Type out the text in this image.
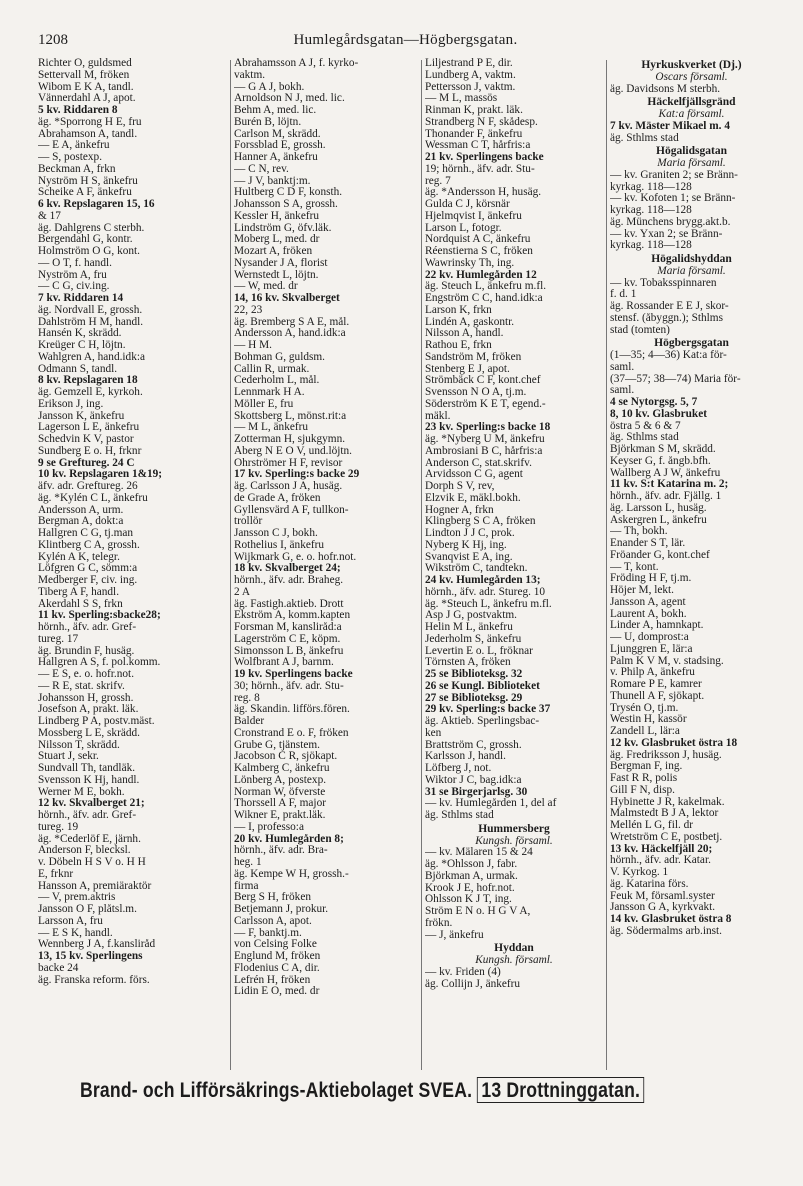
1208	Humlegårdsgatan—Högbergsgatan.
Richter O, guldsmed
Settervall M, fröken
Wibom E K A, tandl.
Vännerdahl A J, apot.
5 kv. Riddaren 8
äg. *Sporrong H E, fru
Abrahamson A, tandl.
— E A, änkefru
— S, postexp.
Beckman A, frkn
Nyström H S, änkefru
Scheike A F, änkefru
6 kv. Repslagaren 15, 16
& 17
äg. Dahlgrens C sterbh.
Bergendahl G, kontr.
Holmström O G, kont.
— O T, f. handl.
Nyström A, fru
— C G, civ.ing.
7 kv. Riddaren 14
äg. Nordvall E, grossh.
Dahlström H M, handl.
Hansén K, skrädd.
Kreüger C H, löjtn.
Wahlgren A, hand.idk:a
Ödmann S, tandl.
8 kv. Repslagaren 18
äg. Gemzell E, kyrkoh.
Erikson J, ing.
Jansson K, änkefru
Lagerson L E, änkefru
Schedvin K V, pastor
Sundberg E o. H, frknr
9 se Greftureg. 24 C
10 kv. Repslagaren 1&19;
äfv. adr. Greftureg. 26
äg. *Kylén C L, änkefru
Andersson A, urm.
Bergman A, dokt:a
Hallgren C G, tj.man
Klintberg C A, grossh.
Kylén A K, telegr.
Löfgren G C, sömm:a
Medberger F, civ. ing.
Tiberg A F, handl.
Åkerdahl S S, frkn
11 kv. Sperling:sbacke28;
hörnh., äfv. adr. Gref-
tureg. 17
äg. Brundin F, husäg.
Hallgren A S, f. pol.komm.
— E S, e. o. hofr.not.
— R E, stat. skrifv.
Johansson H, grossh.
Josefson A, prakt. läk.
Lindberg P A, postv.mäst.
Mossberg L E, skrädd.
Nilsson T, skrädd.
Stuart J, sekr.
Sundvall Th, tandläk.
Svensson K Hj, handl.
Werner M E, bokh.
12 kv. Skvalberget 21;
hörnh., äfv. adr. Gref-
tureg. 19
äg. *Cederlöf E, järnh.
Anderson F, blecksl.
v. Döbeln H S V o. H H
E, frknr
Hansson A, premiäraktör
— V, prem.aktris
Jansson O F, plåtsl.m.
Larsson A, fru
— E S K, handl.
Wennberg J A, f.kansliråd
13, 15 kv. Sperlingens
backe 24
äg. Franska reform. förs.
Abrahamsson A J, f. kyrko-
vaktm.
— G A J, bokh.
Arnoldson N J, med. lic.
Behm A, med. lic.
Burén B, löjtn.
Carlson M, skrädd.
Forssblad E, grossh.
Hanner A, änkefru
— C N, rev.
— J V, banktj:m.
Hultberg C D F, konsth.
Johansson S A, grossh.
Kessler H, änkefru
Lindström G, öfv.läk.
Moberg L, med. dr
Mozart A, fröken
Nysander J A, florist
Wernstedt L, löjtn.
— W, med. dr
14, 16 kv. Skvalberget
22, 23
äg. Bremberg S A E, mål.
Andersson A, hand.idk:a
— H M.
Bohman G, guldsm.
Callin R, urmak.
Cederholm L, mål.
Lennmark H A.
Möller E, fru
Skottsberg L, mönst.rit:a
— M L, änkefru
Zotterman H, sjukgymn.
Åberg N E O V, und.löjtn.
Öhrströmer H F, revisor
17 kv. Sperling:s backe 29
äg. Carlsson J A, husäg.
de Grade A, fröken
Gyllensvärd A F, tullkon-
trollör
Jansson C J, bokh.
Rothelius I, änkefru
Wijkmark G, e. o. hofr.not.
18 kv. Skvalberget 24;
hörnh., äfv. adr. Braheg.
2 A
äg. Fastigh.aktieb. Drott
Ekström A, komm.kapten
Forsman M, kansliråd:a
Lagerström C E, köpm.
Simonsson L B, änkefru
Wolfbrant A J, barnm.
19 kv. Sperlingens backe
30; hörnh., äfv. adr. Stu-
reg. 8
äg. Skandin. lifförs.fören.
Balder
Cronstrand E o. F, fröken
Grube G, tjänstem.
Jacobson C R, sjökapt.
Kalmberg C, änkefru
Lönberg A, postexp.
Norman W, öfverste
Thorssell A F, major
Wikner E, prakt.läk.
— I, professo:a
20 kv. Humlegården 8;
hörnh., äfv. adr. Bra-
heg. 1
äg. Kempe W H, grossh.-
firma
Berg S H, fröken
Betjemann J, prokur.
Carlsson A, apot.
— F, banktj.m.
von Celsing Folke
Englund M, fröken
Flodenius C A, dir.
Lefrén H, fröken
Lidin E O, med. dr
Liljestrand P E, dir.
Lundberg A, vaktm.
Pettersson J, vaktm.
— M L, massös
Rinman K, prakt. läk.
Strandberg N F, skådesp.
Thonander F, änkefru
Wessman C T, hårfris:a
21 kv. Sperlingens backe
19; hörnh., äfv. adr. Stu-
reg. 7
äg. *Andersson H, husäg.
Gulda C J, körsnär
Hjelmqvist I, änkefru
Larson L, fotogr.
Nordquist A C, änkefru
Réenstierna S C, fröken
Wawrinsky Th, ing.
22 kv. Humlegården 12
äg. Steuch L, änkefru m.fl.
Engström C C, hand.idk:a
Larson K, frkn
Lindén A, gaskontr.
Nilsson A, handl.
Rathou E, frkn
Sandström M, fröken
Stenberg E J, apot.
Strömbäck C F, kont.chef
Svensson N O A, tj.m.
Söderström K E T, egend.-
mäkl.
23 kv. Sperling:s backe 18
äg. *Nyberg U M, änkefru
Ambrosiani B C, hårfris:a
Anderson C, stat.skrifv.
Arvidsson C G, agent
Dorph S V, rev,
Elzvik E, mäkl.bokh.
Hogner A, frkn
Klingberg S C A, fröken
Lindton J J C, prok.
Nyberg K Hj, ing.
Svanqvist E A, ing.
Wikström C, tandtekn.
24 kv. Humlegården 13;
hörnh., äfv. adr. Stureg. 10
äg. *Steuch L, änkefru m.fl.
Asp J G, postvaktm.
Helin M L, änkefru
Jederholm S, änkefru
Levertin E o. L, fröknar
Törnsten A, fröken
25 se Biblioteksg. 32
26 se Kungl. Biblioteket
27 se Biblioteksg. 29
29 kv. Sperling:s backe 37
äg. Aktieb. Sperlingsbac-
ken
Brattström C, grossh.
Karlsson J, handl.
Löfberg J, not.
Wiktor J C, bag.idk:a
31 se Birgerjarlsg. 30
— kv. Humlegården 1, del af
äg. Sthlms stad
Hummersberg
Kungsh. församl.
— kv. Mälaren 15 & 24
äg. *Ohlsson J, fabr.
Björkman A, urmak.
Krook J E, hofr.not.
Ohlsson K J T, ing.
Ström E N o. H G V A,
frökn.
— J, änkefru
Hyddan
Kungsh. församl.
— kv. Friden (4)
äg. Collijn J, änkefru
Hyrkuskverket (Dj.)
Oscars församl.
äg. Davidsons M sterbh.
Häckelfjällsgränd
Kat:a församl.
7 kv. Mäster Mikael m. 4
äg. Sthlms stad
Högalidsgatan
Maria församl.
— kv. Graniten 2; se Bränn-
kyrkag. 118—128
— kv. Kofoten 1; se Bränn-
kyrkag. 118—128
äg. Münchens brygg.akt.b.
— kv. Yxan 2; se Bränn-
kyrkag. 118—128
Högalidshyddan
Maria församl.
— kv. Tobaksspinnaren
f. d. 1
äg. Rossander E E J, skor-
stensf. (åbyggn.); Sthlms
stad (tomten)
Högbergsgatan
(1—35; 4—36) Kat:a för-
saml.
(37—57; 38—74) Maria för-
saml.
4 se Nytorgsg. 5, 7
8, 10 kv. Glasbruket
östra 5 & 6 & 7
äg. Sthlms stad
Björkman S M, skrädd.
Keyser G, f. ångb.bfh.
Wallberg A J W, änkefru
11 kv. S:t Katarina m. 2;
hörnh., äfv. adr. Fjällg. 1
äg. Larsson L, husäg.
Askergren L, änkefru
— Th, bokh.
Enander S T, lär.
Fröander G, kont.chef
— T, kont.
Fröding H F, tj.m.
Höjer M, lekt.
Jansson A, agent
Laurent A, bokh.
Linder A, hamnkapt.
— U, domprost:a
Ljunggren E, lär:a
Palm K V M, v. stadsing.
v. Philp A, änkefru
Romare P E, kamrer
Thunell A F, sjökapt.
Trysén O, tj.m.
Westin H, kassör
Zandell L, lär:a
12 kv. Glasbruket östra 18
äg. Fredriksson J, husäg.
Bergman F, ing.
Fast R R, polis
Gill F N, disp.
Hybinette J R, kakelmak.
Malmstedt B J A, lektor
Mellén L G, fil. dr
Wretström C E, postbetj.
13 kv. Häckelfjäll 20;
hörnh., äfv. adr. Katar.
V. Kyrkog. 1
äg. Katarina förs.
Feuk M, församl.syster
Jansson G A, kyrkvakt.
14 kv. Glasbruket östra 8
äg. Södermalms arb.inst.
Brand- och Lifförsäkrings-Aktiebolaget SVEA. 13 Drottninggatan.
